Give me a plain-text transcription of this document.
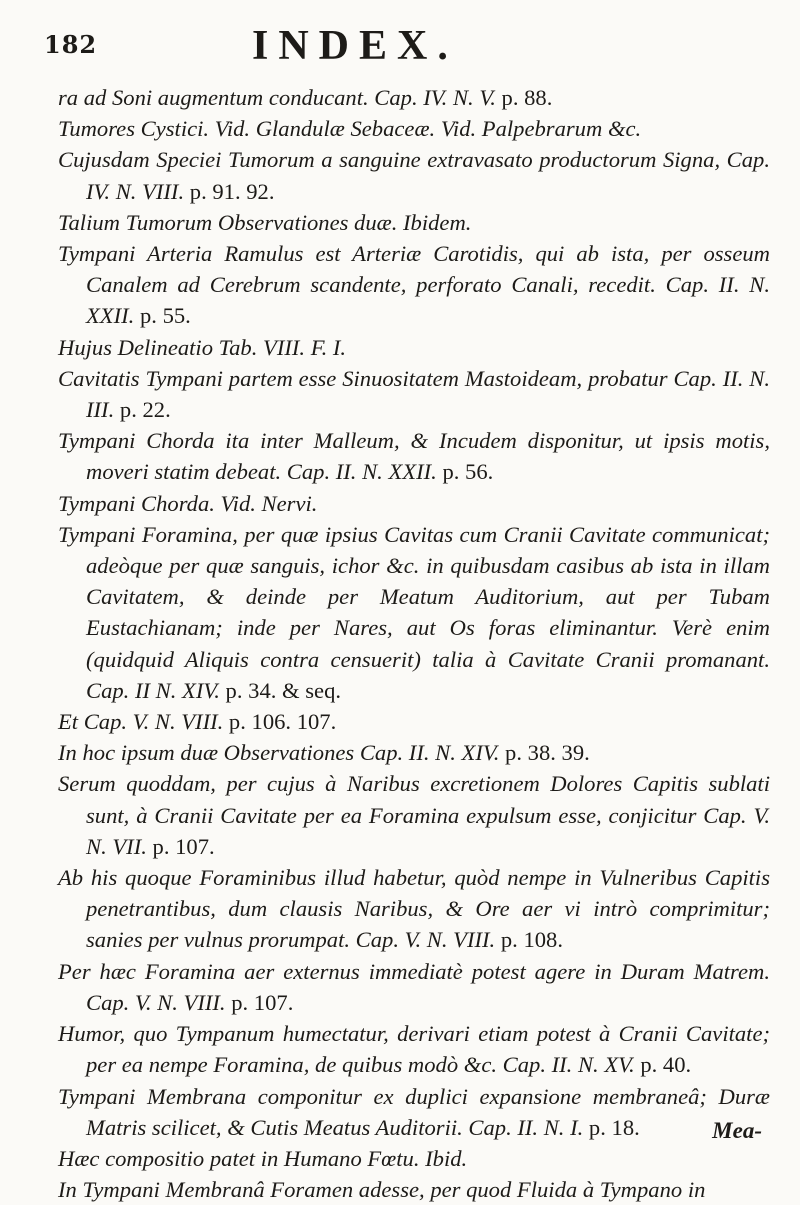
182	INDEX.

ra ad Soni augmentum conducant. Cap. IV. N. V. p. 88.

Tumores Cystici. Vid. Glandulæ Sebaceæ. Vid. Palpebrarum &c.

Cujusdam Speciei Tumorum a sanguine extravasato productorum Signa, Cap. IV. N. VIII. p. 91. 92.

Talium Tumorum Observationes duæ. Ibidem.

Tympani Arteria Ramulus est Arteriæ Carotidis, qui ab ista, per osseum Canalem ad Cerebrum scandente, perforato Canali, recedit. Cap. II. N. XXII. p. 55.

Hujus Delineatio Tab. VIII. F. I.

Cavitatis Tympani partem esse Sinuositatem Mastoideam, probatur Cap. II. N. III. p. 22.

Tympani Chorda ita inter Malleum, & Incudem disponitur, ut ipsis motis, moveri statim debeat. Cap. II. N. XXII. p. 56.

Tympani Chorda. Vid. Nervi.

Tympani Foramina, per quæ ipsius Cavitas cum Cranii Cavitate communicat; adeòque per quæ sanguis, ichor &c. in quibusdam casibus ab ista in illam Cavitatem, & deinde per Meatum Auditorium, aut per Tubam Eustachianam; inde per Nares, aut Os foras eliminantur. Verè enim (quidquid Aliquis contra censuerit) talia à Cavitate Cranii promanant. Cap. II N. XIV. p. 34. & seq.

Et Cap. V. N. VIII. p. 106. 107.

In hoc ipsum duæ Observationes Cap. II. N. XIV. p. 38. 39.

Serum quoddam, per cujus à Naribus excretionem Dolores Capitis sublati sunt, à Cranii Cavitate per ea Foramina expulsum esse, conjicitur Cap. V. N. VII. p. 107.

Ab his quoque Foraminibus illud habetur, quòd nempe in Vulneribus Capitis penetrantibus, dum clausis Naribus, & Ore aer vi intrò comprimitur; sanies per vulnus prorumpat. Cap. V. N. VIII. p. 108.

Per hæc Foramina aer externus immediatè potest agere in Duram Matrem. Cap. V. N. VIII. p. 107.

Humor, quo Tympanum humectatur, derivari etiam potest à Cranii Cavitate; per ea nempe Foramina, de quibus modò &c. Cap. II. N. XV. p. 40.

Tympani Membrana componitur ex duplici expansione membraneâ; Duræ Matris scilicet, & Cutis Meatus Auditorii. Cap. II. N. I. p. 18.

Hæc compositio patet in Humano Fœtu. Ibid.

In Tympani Membranâ Foramen adesse, per quod Fluida à Tympano in

Mea-
